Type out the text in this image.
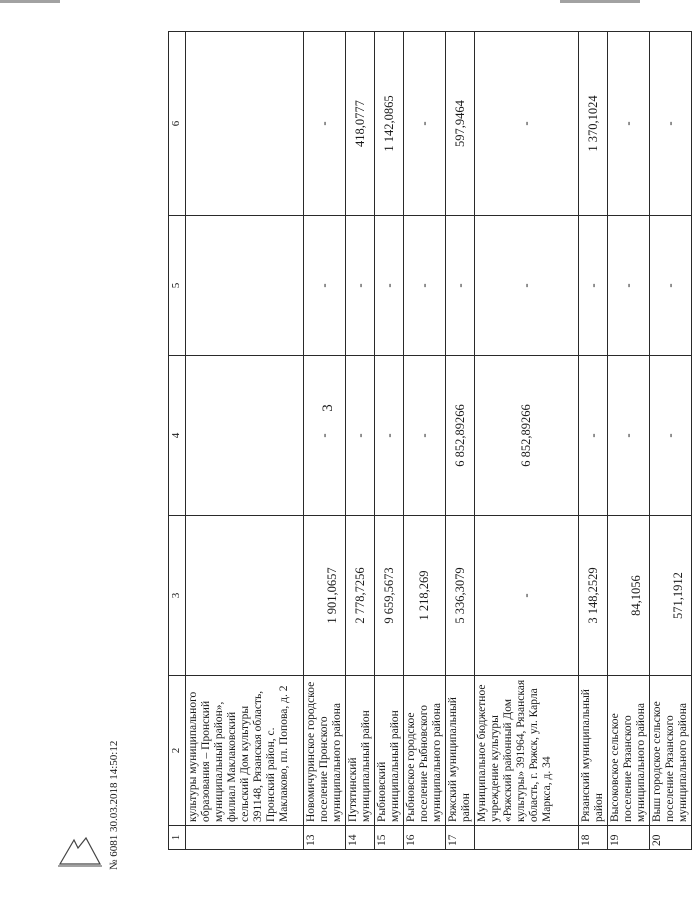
3
1	2	3	4	5	6
	культуры муниципального образования – Пронский муниципальный район», филиал Маклаковский сельский Дом культуры 391148, Рязанская область, Пронский район, с. Маклаково, пл. Попова, д. 2				
13	Новомичуринское городское поселение Пронского муниципального района	1 901,0657	-	-	-
14	Путятинский муниципальный район	2 778,7256	-	-	418,0777
15	Рыбновский муниципальный район	9 659,5673	-	-	1 142,0865
16	Рыбновское городское поселение Рыбновского муниципального района	1 218,269	-	-	-
17	Ряжский муниципальный район	5 336,3079	6 852,89266	-	597,9464
	Муниципальное бюджетное учреждение культуры «Ряжский районный Дом культуры» 391964, Рязанская область, г. Ряжск, ул. Карла Маркса, д. 34	-	6 852,89266	-	-
18	Рязанский муниципальный район	3 148,2529	-	-	1 370,1024
19	Высоковское сельское поселение Рязанского муниципального района	84,1056	-	-	-
20	Выш городское сельское поселение Рязанского муниципального района	571,1912	-	-	-
№ 6081 30.03.2018 14:50:12
